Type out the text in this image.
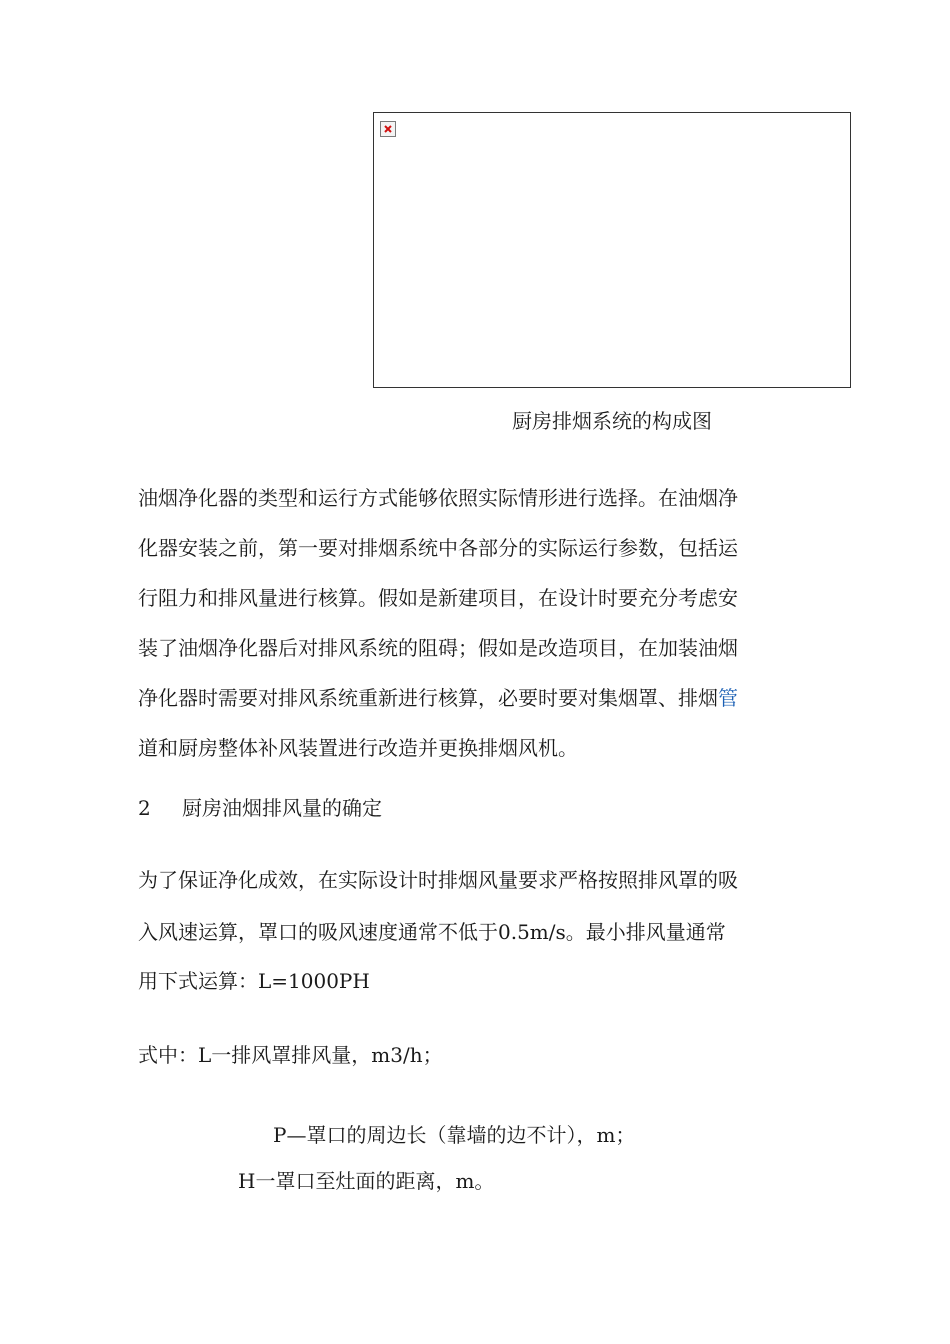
厨房排烟系统的构成图
油烟净化器的类型和运行方式能够依照实际情形进行选择。在油烟净
化器安装之前，第一要对排烟系统中各部分的实际运行参数，包括运
行阻力和排风量进行核算。假如是新建项目，在设计时要充分考虑安
装了油烟净化器后对排风系统的阻碍；假如是改造项目，在加装油烟
净化器时需要对排风系统重新进行核算，必要时要对集烟罩、排烟管
道和厨房整体补风装置进行改造并更换排烟风机。
2 厨房油烟排风量的确定
为了保证净化成效，在实际设计时排烟风量要求严格按照排风罩的吸
入风速运算，罩口的吸风速度通常不低于0.5m/s。最小排风量通常
用下式运算：L=1000PH
式中：L一排风罩排风量，m3/h；
P—罩口的周边长（靠墙的边不计），m；
H一罩口至灶面的距离，m。
